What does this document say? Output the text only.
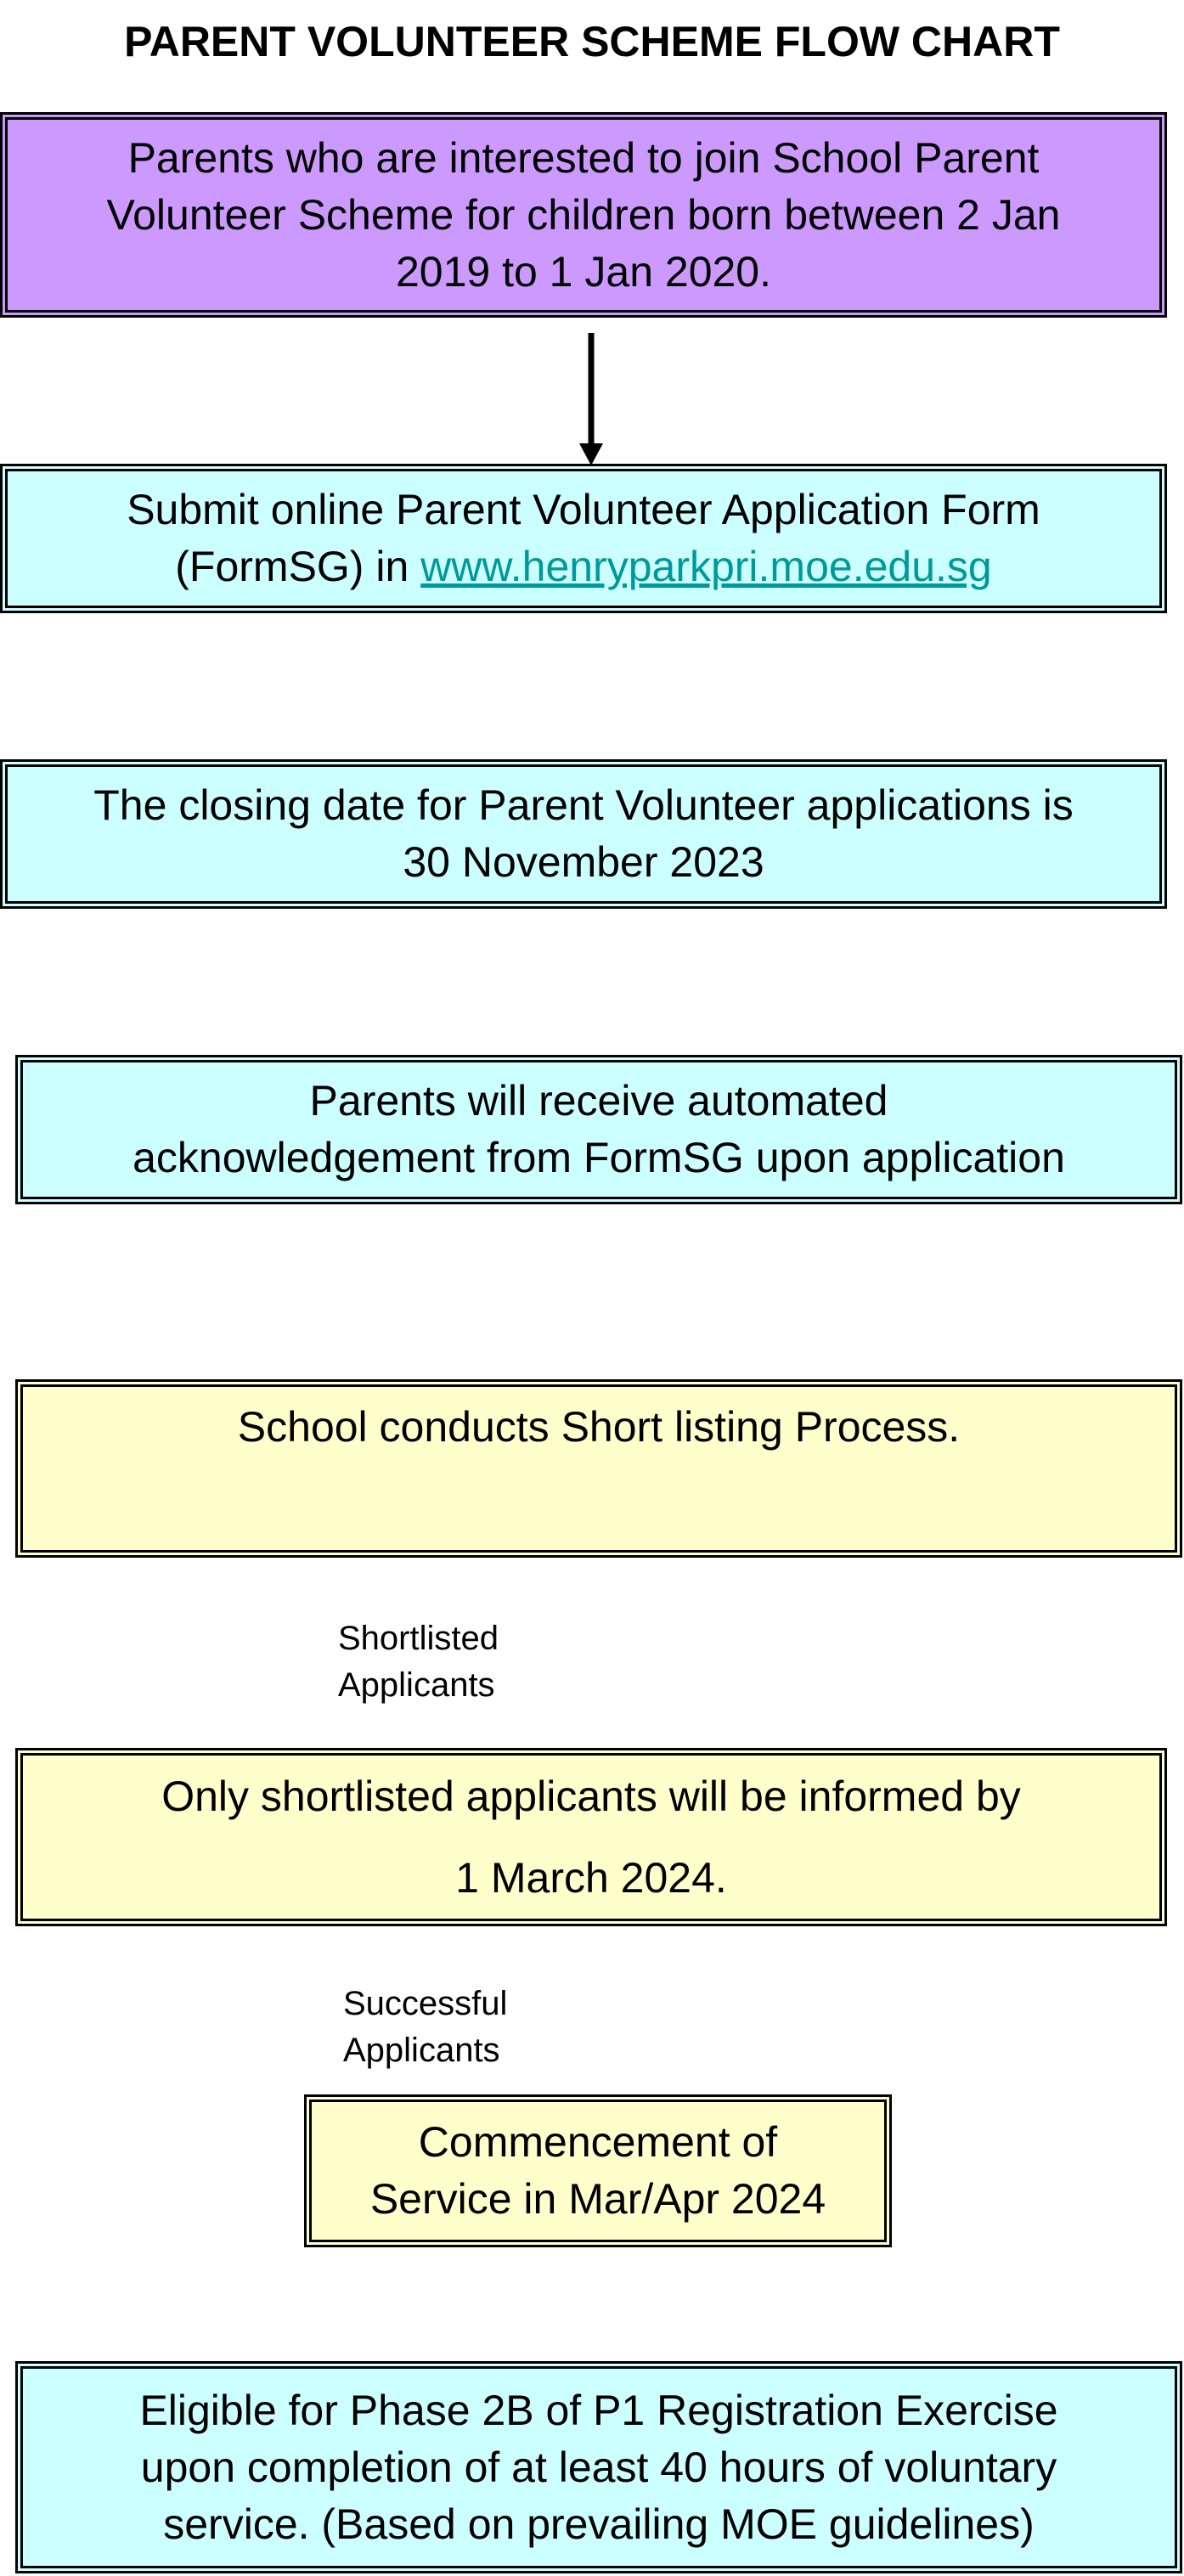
PARENT VOLUNTEER SCHEME FLOW CHART
Parents who are interested to join School Parent
Volunteer Scheme for children born between 2 Jan
2019 to 1 Jan 2020.
Submit online Parent Volunteer Application Form
(FormSG) in www.henryparkpri.moe.edu.sg
The closing date for Parent Volunteer applications is
30 November 2023
Parents will receive automated
acknowledgement from FormSG upon application
School conducts Short listing Process.
Shortlisted
Applicants
Only shortlisted applicants will be informed by
1 March 2024.
Successful
Applicants
Commencement of
Service in Mar/Apr 2024
Eligible for Phase 2B of P1 Registration Exercise
upon completion of at least 40 hours of voluntary
service. (Based on prevailing MOE guidelines)
